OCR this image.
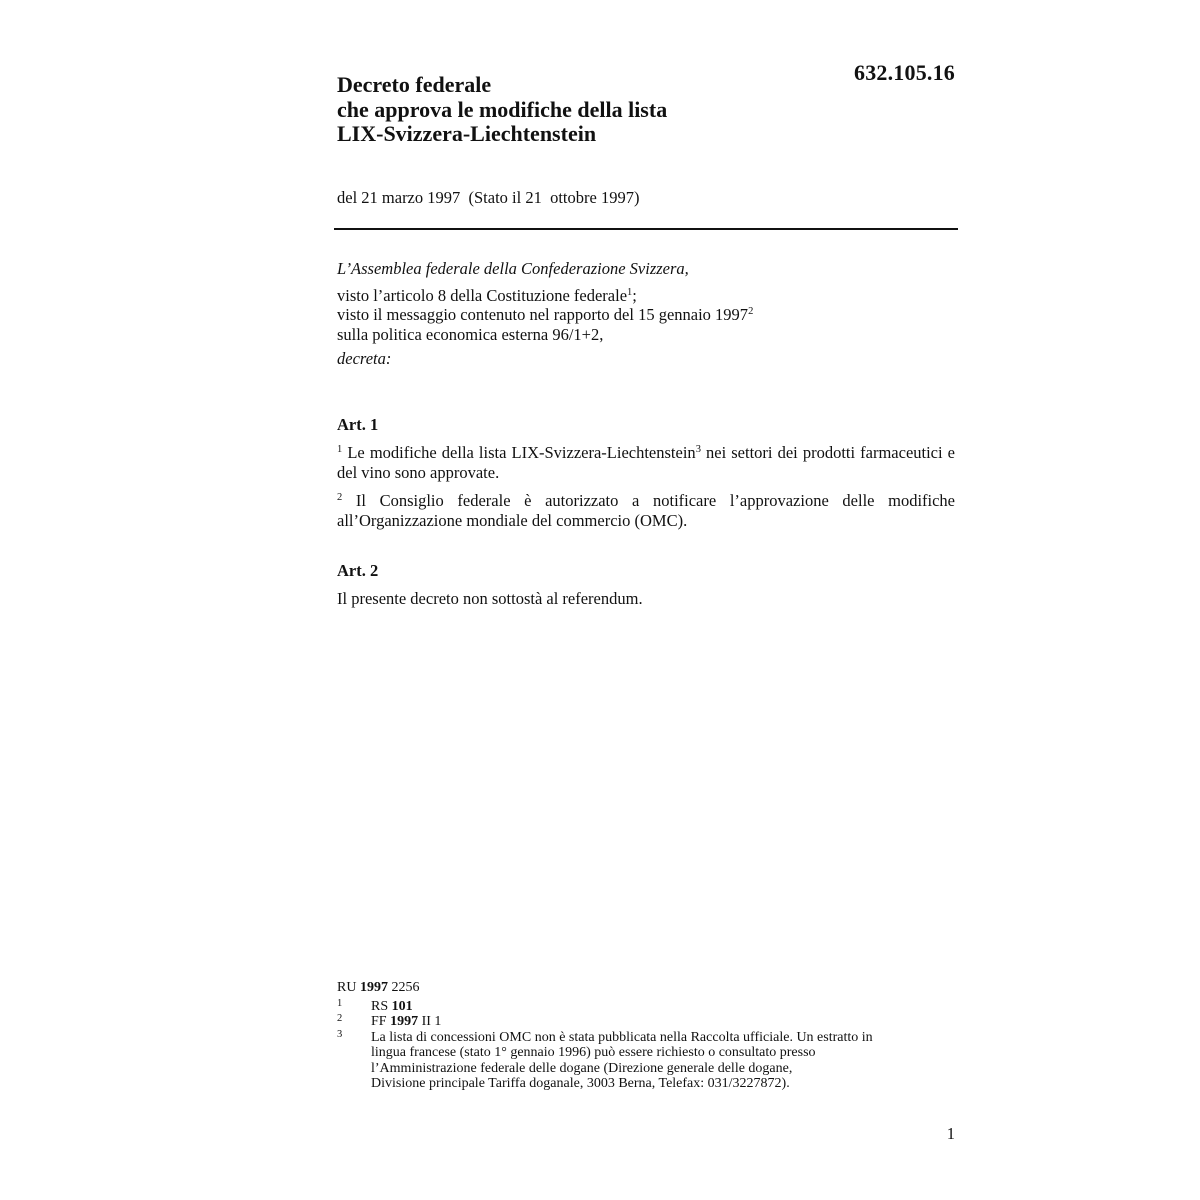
632.105.16
Decreto federale
che approva le modifiche della lista
LIX-Svizzera-Liechtenstein
del 21 marzo 1997  (Stato il 21  ottobre 1997)
L’Assemblea federale della Confederazione Svizzera,
visto l’articolo 8 della Costituzione federale$^1$;
visto il messaggio contenuto nel rapporto del 15 gennaio 1997$^2$
sulla politica economica esterna 96/1+2,
decreta:
Art. 1
$^1$ Le modifiche della lista LIX-Svizzera-Liechtenstein$^3$ nei settori dei prodotti farmaceutici e del vino sono approvate.
$^2$ Il Consiglio federale è autorizzato a notificare l’approvazione delle modifiche all’Organizzazione mondiale del commercio (OMC).
Art. 2
Il presente decreto non sottostà al referendum.
RU 1997 2256
1 RS 101
2 FF 1997 II 1
3 La lista di concessioni OMC non è stata pubblicata nella Raccolta ufficiale. Un estratto in
lingua francese (stato 1° gennaio 1996) può essere richiesto o consultato presso
l’Amministrazione federale delle dogane (Direzione generale delle dogane,
Divisione principale Tariffa doganale, 3003 Berna, Telefax: 031/3227872).
1
